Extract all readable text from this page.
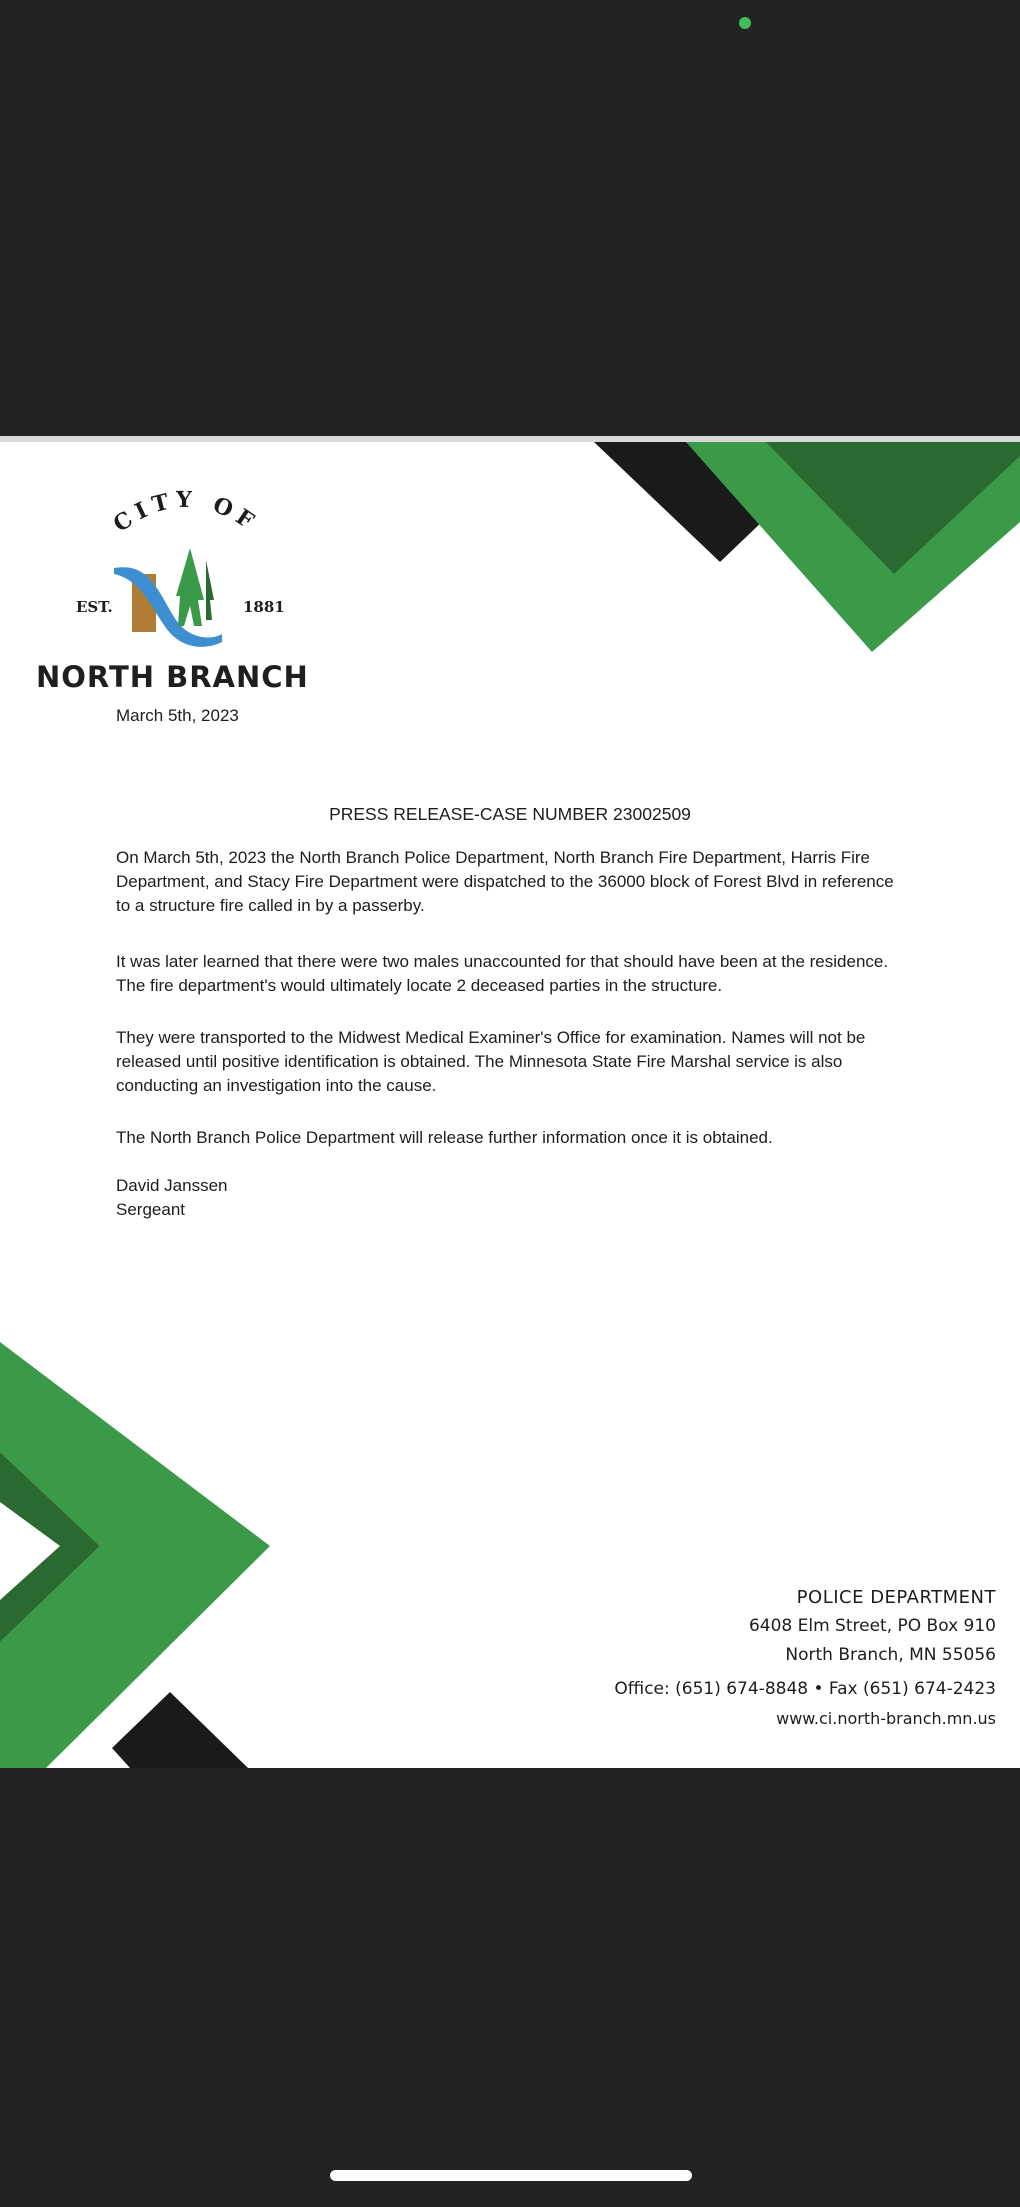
CITY OF
EST.	1881
NORTH BRANCH
March 5th, 2023
PRESS RELEASE-CASE NUMBER 23002509
On March 5th, 2023 the North Branch Police Department, North Branch Fire Department, Harris Fire Department, and Stacy Fire Department were dispatched to the 36000 block of Forest Blvd in reference to a structure fire called in by a passerby.
It was later learned that there were two males unaccounted for that should have been at the residence. The fire department's would ultimately locate 2 deceased parties in the structure.
They were transported to the Midwest Medical Examiner's Office for examination. Names will not be released until positive identification is obtained. The Minnesota State Fire Marshal service is also conducting an investigation into the cause.
The North Branch Police Department will release further information once it is obtained.
David Janssen
Sergeant
POLICE DEPARTMENT
6408 Elm Street, PO Box 910
North Branch, MN 55056
Office: (651) 674-8848 • Fax (651) 674-2423
www.ci.north-branch.mn.us
